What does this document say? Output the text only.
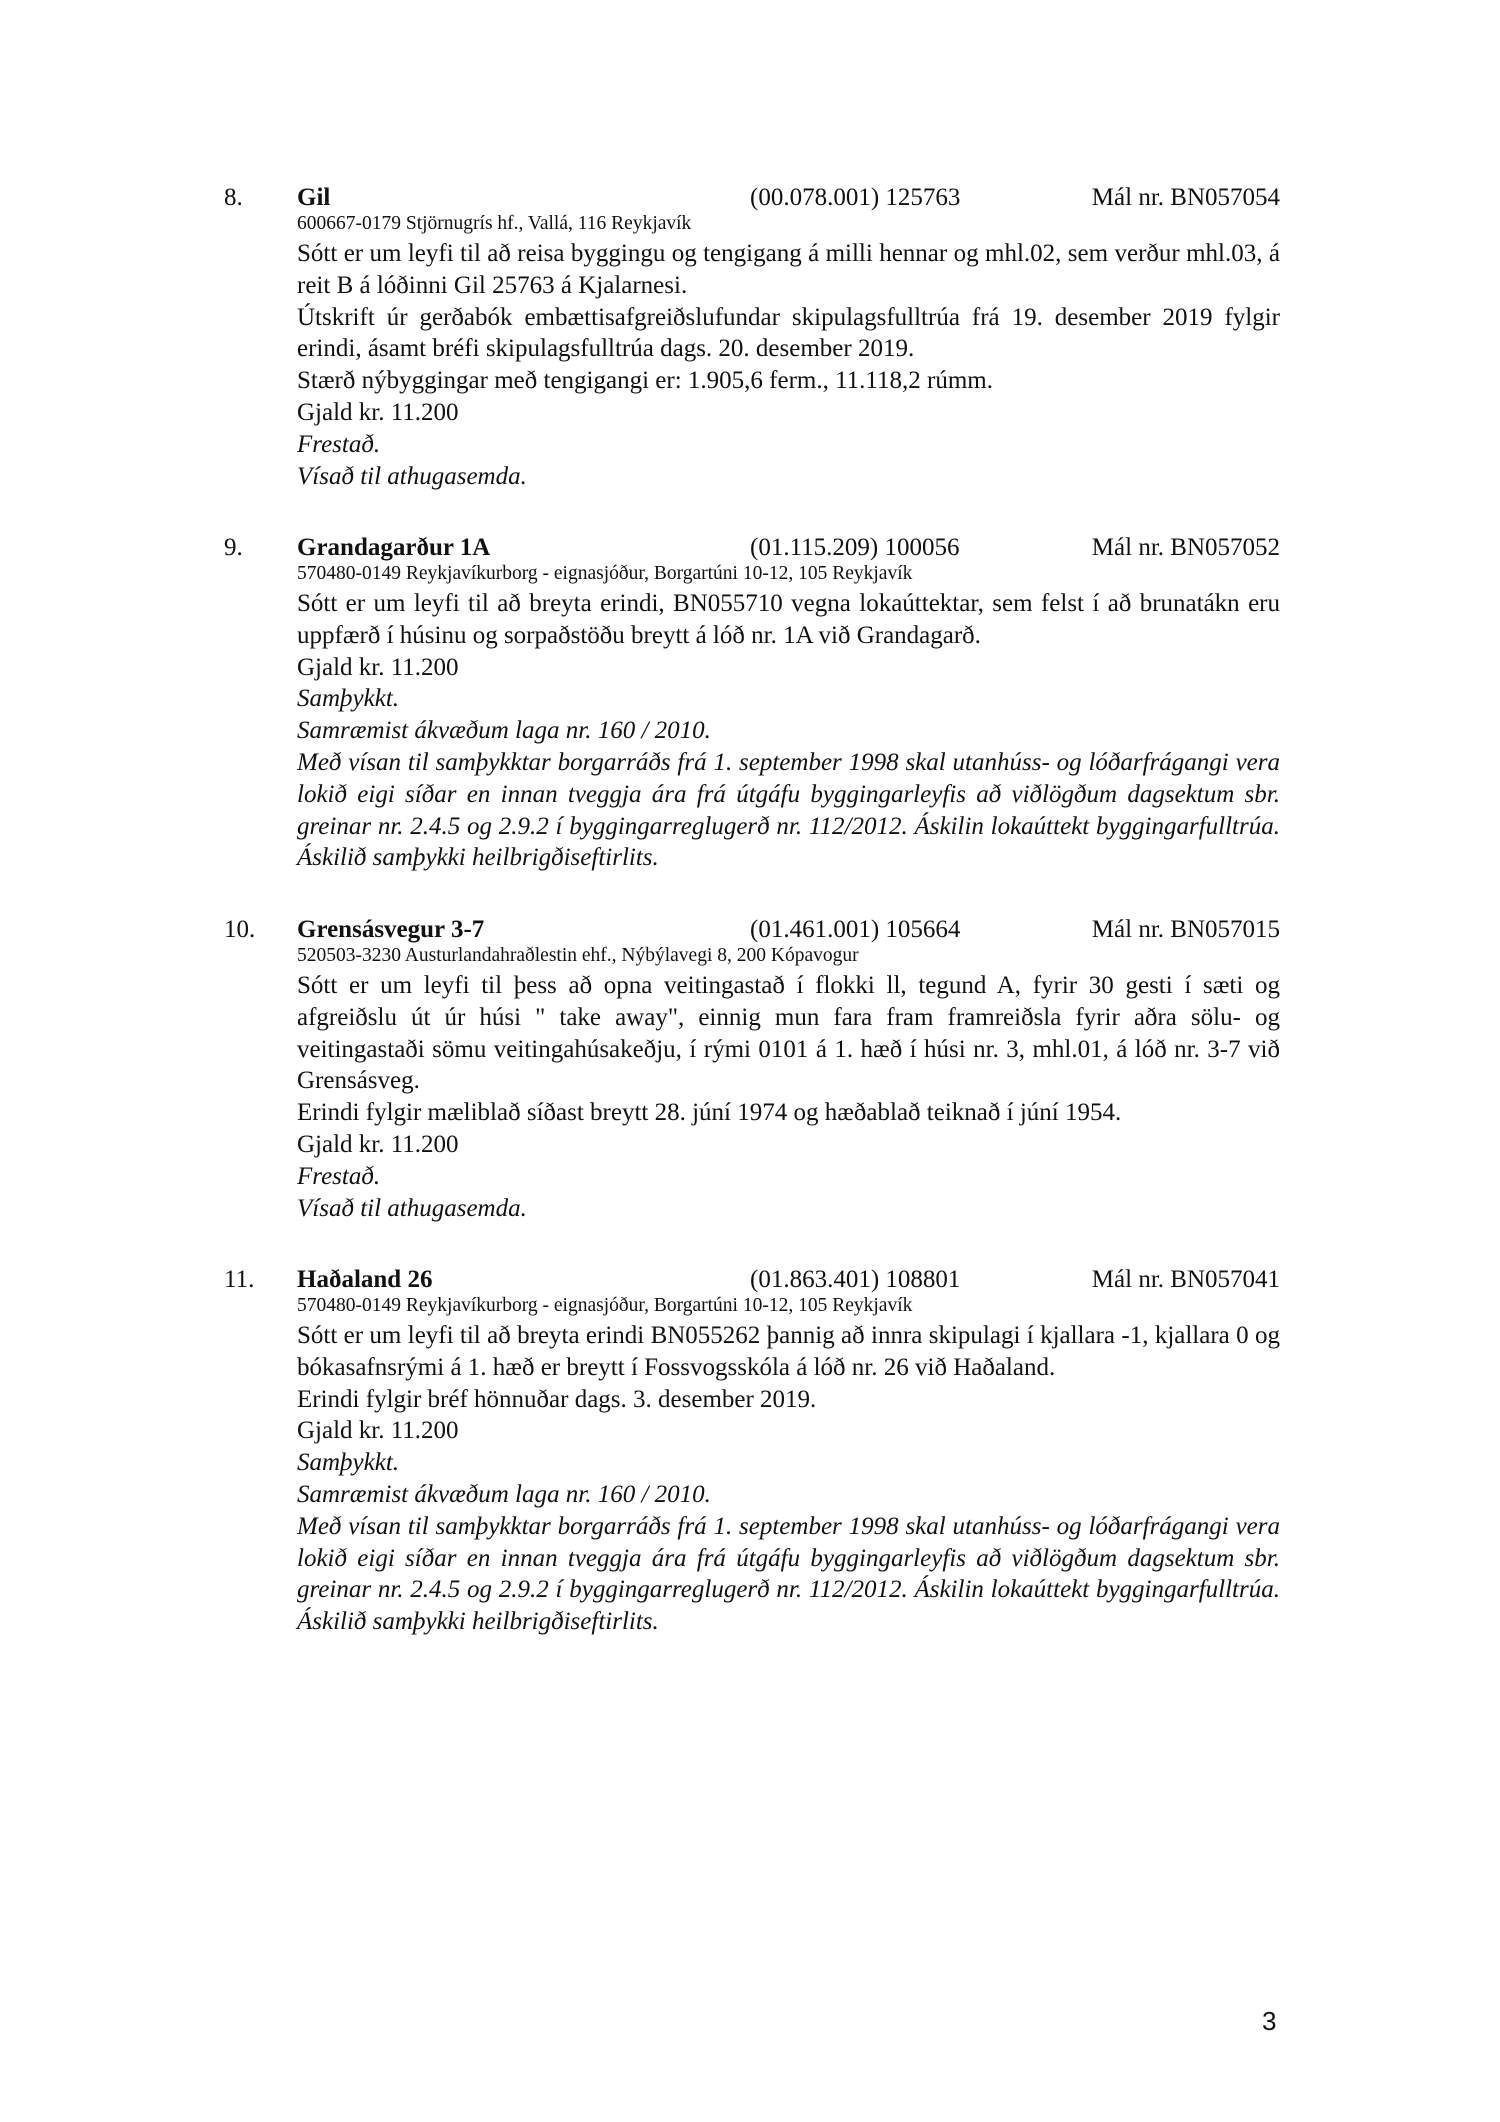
8. Gil	(00.078.001) 125763	Mál nr. BN057054
600667-0179 Stjörnugrís hf., Vallá, 116 Reykjavík

Sótt er um leyfi til að reisa byggingu og tengigang á milli hennar og mhl.02, sem verður mhl.03, á reit B á lóðinni Gil 25763 á Kjalarnesi.

Útskrift úr gerðabók embættisafgreiðslufundar skipulagsfulltrúa frá 19. desember 2019 fylgir erindi, ásamt bréfi skipulagsfulltrúa dags. 20. desember 2019.

Stærð nýbyggingar með tengigangi er: 1.905,6 ferm., 11.118,2 rúmm.

Gjald kr. 11.200

Frestað.

Vísað til athugasemda.

9. Grandagarður 1A	(01.115.209) 100056	Mál nr. BN057052
570480-0149 Reykjavíkurborg - eignasjóður, Borgartúni 10-12, 105 Reykjavík

Sótt er um leyfi til að breyta erindi, BN055710 vegna lokaúttektar, sem felst í að brunatákn eru uppfærð í húsinu og sorpaðstöðu breytt á lóð nr. 1A við Grandagarð.

Gjald kr. 11.200

Samþykkt.

Samræmist ákvæðum laga nr. 160 / 2010.

Með vísan til samþykktar borgarráðs frá 1. september 1998 skal utanhúss- og lóðarfrágangi vera lokið eigi síðar en innan tveggja ára frá útgáfu byggingarleyfis að viðlögðum dagsektum sbr. greinar nr. 2.4.5 og 2.9.2 í byggingarreglugerð nr. 112/2012. Áskilin lokaúttekt byggingarfulltrúa. Áskilið samþykki heilbrigðiseftirlits.

10. Grensásvegur 3-7	(01.461.001) 105664	Mál nr. BN057015
520503-3230 Austurlandahraðlestin ehf., Nýbýlavegi 8, 200 Kópavogur

Sótt er um leyfi til þess að opna veitingastað í flokki ll, tegund A, fyrir 30 gesti í sæti og afgreiðslu út úr húsi " take away", einnig mun fara fram framreiðsla fyrir aðra sölu- og veitingastaði sömu veitingahúsakeðju, í rými 0101 á 1. hæð í húsi nr. 3, mhl.01, á lóð nr. 3-7 við Grensásveg.

Erindi fylgir mæliblað síðast breytt 28. júní 1974 og hæðablað teiknað í júní 1954.

Gjald kr. 11.200

Frestað.

Vísað til athugasemda.

11. Haðaland 26	(01.863.401) 108801	Mál nr. BN057041
570480-0149 Reykjavíkurborg - eignasjóður, Borgartúni 10-12, 105 Reykjavík

Sótt er um leyfi til að breyta erindi BN055262 þannig að innra skipulagi í kjallara -1, kjallara 0 og bókasafnsrými á 1. hæð er breytt í Fossvogsskóla á lóð nr. 26 við Haðaland.

Erindi fylgir bréf hönnuðar dags. 3. desember 2019.

Gjald kr. 11.200

Samþykkt.

Samræmist ákvæðum laga nr. 160 / 2010.

Með vísan til samþykktar borgarráðs frá 1. september 1998 skal utanhúss- og lóðarfrágangi vera lokið eigi síðar en innan tveggja ára frá útgáfu byggingarleyfis að viðlögðum dagsektum sbr. greinar nr. 2.4.5 og 2.9.2 í byggingarreglugerð nr. 112/2012. Áskilin lokaúttekt byggingarfulltrúa. Áskilið samþykki heilbrigðiseftirlits.

3
